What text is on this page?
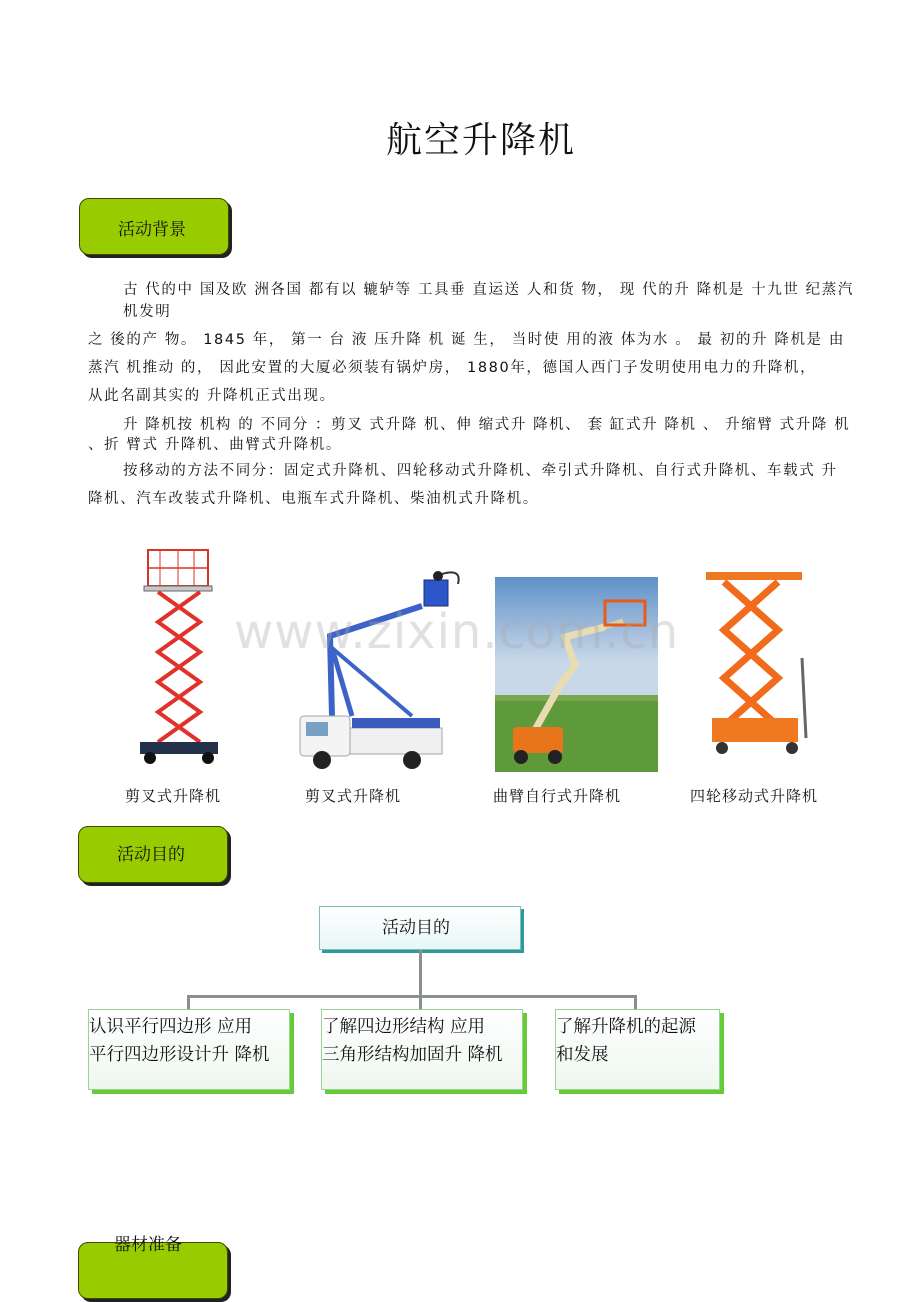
航空升降机
活动背景
古 代的中 国及欧 洲各国 都有以 辘轳等 工具垂 直运送 人和货 物， 现 代的升 降机是 十九世 纪蒸汽
机发明
之 後的产 物。 1845 年， 第一 台 液 压升降 机 诞 生， 当时使 用的液 体为水 。 最 初的升 降机是 由
蒸汽 机推动 的， 因此安置的大厦必须装有锅炉房， 1880年，德国人西门子发明使用电力的升降机，
从此名副其实的 升降机正式出现。
升 降机按 机构 的 不同分 ：剪叉 式升降 机、伸 缩式升 降机、 套 缸式升 降机 、 升缩臂 式升降 机
、折 臂式 升降机、曲臂式升降机。
按移动的方法不同分：固定式升降机、四轮移动式升降机、牵引式升降机、自行式升降机、车载式 升
降机、汽车改装式升降机、电瓶车式升降机、柴油机式升降机。
www.zixin.com.cn
剪叉式升降机	剪叉式升降机	曲臂自行式升降机	四轮移动式升降机
活动目的
活动目的
认识平行四边形 应用
平行四边形设计升 降机
了解四边形结构 应用
三角形结构加固升 降机
了解升降机的起源
和发展
器材准备
